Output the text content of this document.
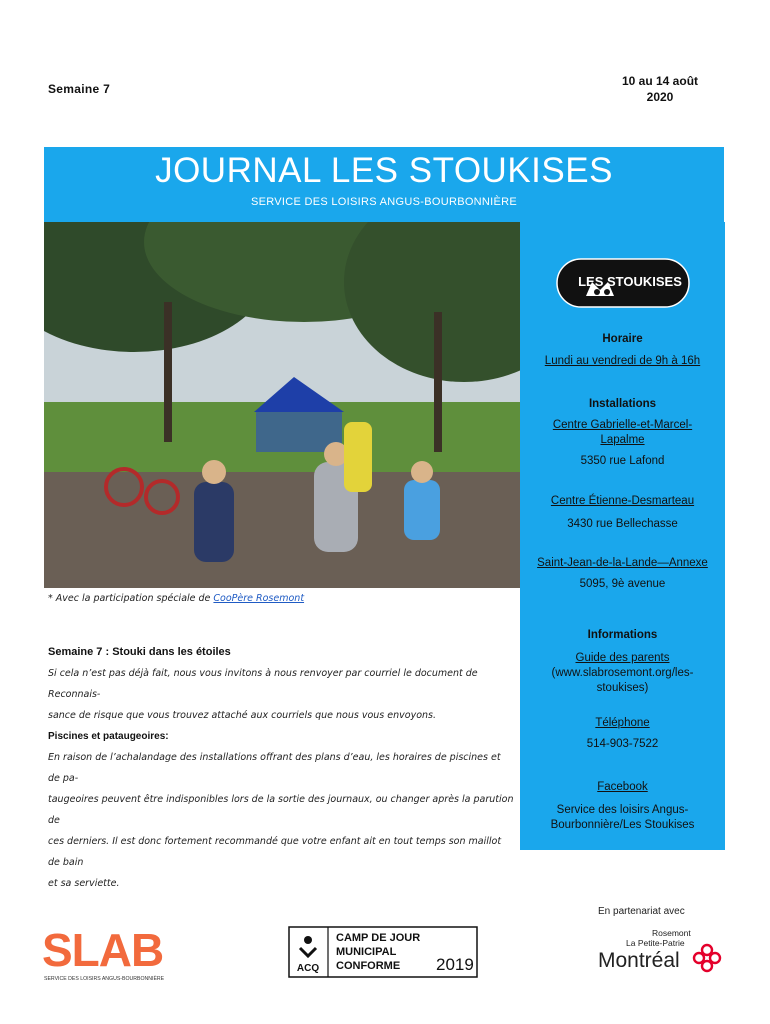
Semaine 7
10 au 14 août
2020
JOURNAL LES STOUKISES
SERVICE DES LOISIRS ANGUS-BOURBONNIÈRE
* Avec la participation spéciale de CooPère Rosemont
LES STOUKISES
Horaire
Lundi au vendredi de 9h à 16h
Installations
Centre Gabrielle-et-Marcel-
Lapalme
5350 rue Lafond
Centre Étienne-Desmarteau
3430 rue Bellechasse
Saint-Jean-de-la-Lande—Annexe
5095, 9è avenue
Informations
Guide des parents
(www.slabrosemont.org/les-
stoukises)
Téléphone
514-903-7522
Facebook
Service des loisirs Angus-
Bourbonnière/Les Stoukises
Semaine 7 : Stouki dans les étoiles
Si cela n’est pas déjà fait, nous vous invitons à nous renvoyer par courriel le document de Reconnais-
sance de risque que vous trouvez attaché aux courriels que nous vous envoyons.
Piscines et pataugeoires:
En raison de l’achalandage des installations offrant des plans d’eau, les horaires de piscines et de pa-
taugeoires peuvent être indisponibles lors de la sortie des journaux, ou changer après la parution de
ces derniers. Il est donc fortement recommandé que votre enfant ait en tout temps son maillot de bain
et sa serviette.
SLAB
SERVICE DES LOISIRS ANGUS-BOURBONNIÈRE
ACQ
CAMP DE JOUR
MUNICIPAL
CONFORME 2019
En partenariat avec
Rosemont
La Petite-Patrie
Montréal
